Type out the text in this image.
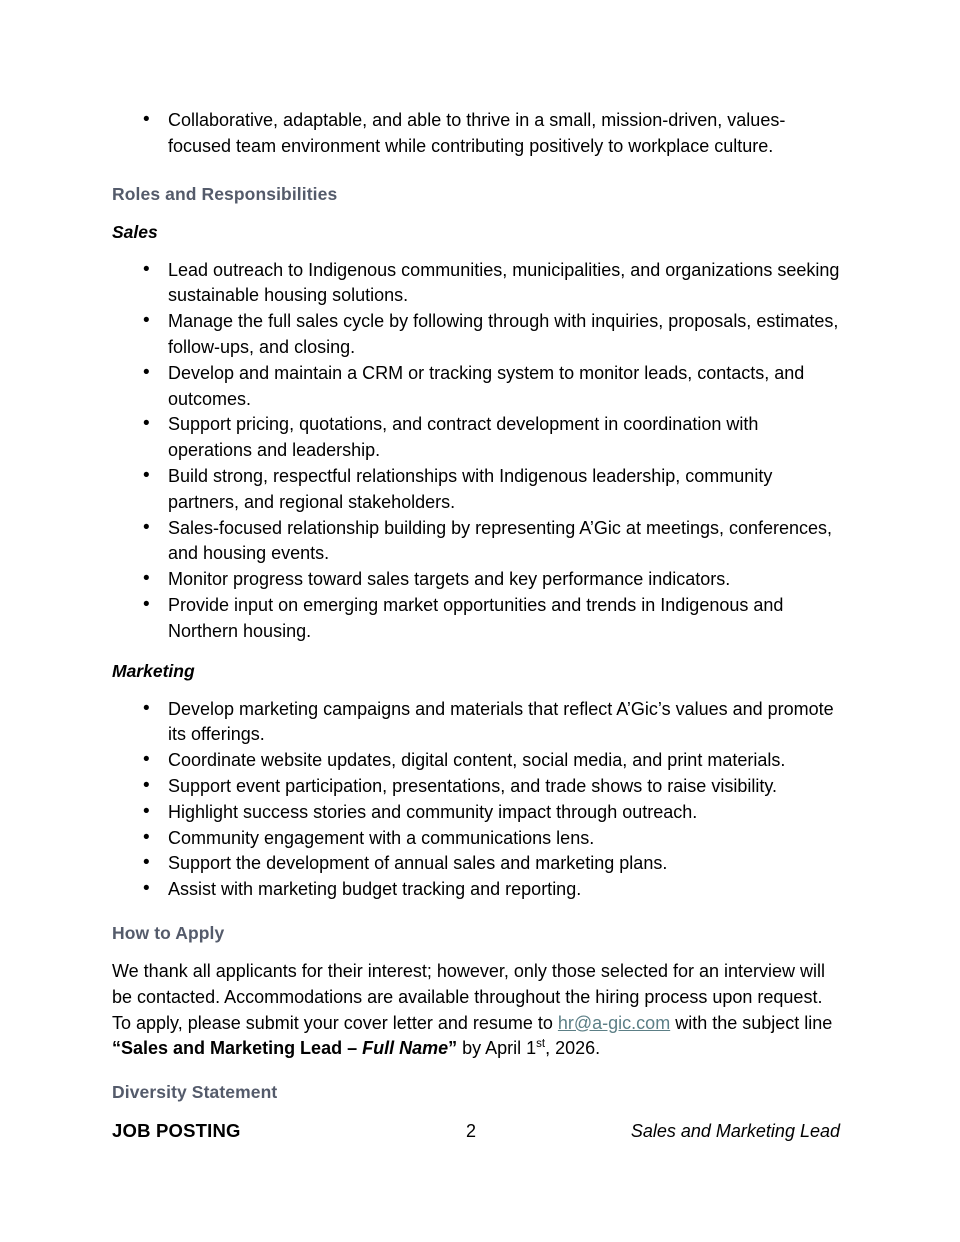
• Collaborative, adaptable, and able to thrive in a small, mission-driven, values-focused team environment while contributing positively to workplace culture.
Roles and Responsibilities
Sales
• Lead outreach to Indigenous communities, municipalities, and organizations seeking sustainable housing solutions.
• Manage the full sales cycle by following through with inquiries, proposals, estimates, follow-ups, and closing.
• Develop and maintain a CRM or tracking system to monitor leads, contacts, and outcomes.
• Support pricing, quotations, and contract development in coordination with operations and leadership.
• Build strong, respectful relationships with Indigenous leadership, community partners, and regional stakeholders.
• Sales-focused relationship building by representing A’Gic at meetings, conferences, and housing events.
• Monitor progress toward sales targets and key performance indicators.
• Provide input on emerging market opportunities and trends in Indigenous and Northern housing.
Marketing
• Develop marketing campaigns and materials that reflect A’Gic’s values and promote its offerings.
• Coordinate website updates, digital content, social media, and print materials.
• Support event participation, presentations, and trade shows to raise visibility.
• Highlight success stories and community impact through outreach.
• Community engagement with a communications lens.
• Support the development of annual sales and marketing plans.
• Assist with marketing budget tracking and reporting.
How to Apply

We thank all applicants for their interest; however, only those selected for an interview will be contacted. Accommodations are available throughout the hiring process upon request. To apply, please submit your cover letter and resume to hr@a-gic.com with the subject line “Sales and Marketing Lead – Full Name” by April 1st, 2026.

Diversity Statement
JOB POSTING	2	Sales and Marketing Lead
